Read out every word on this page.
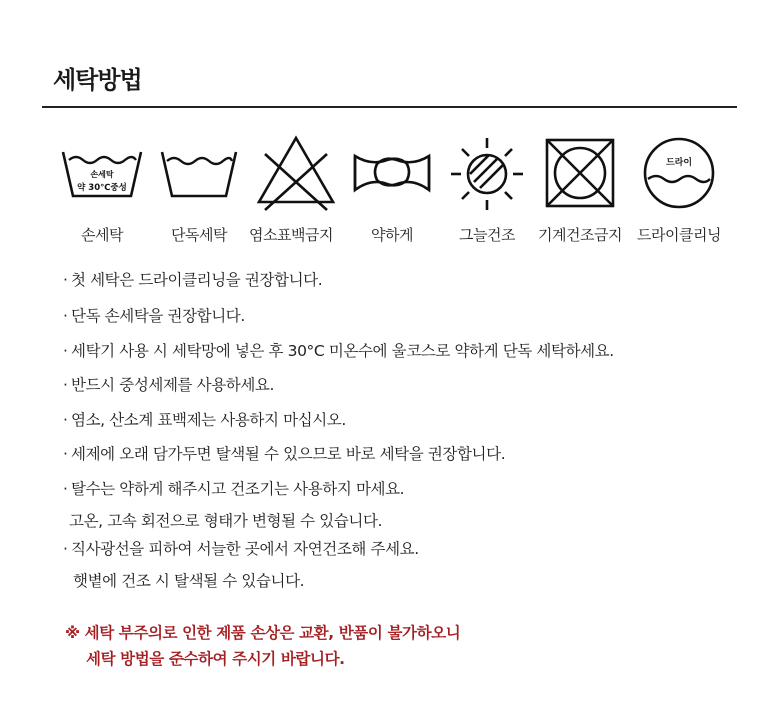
세탁방법
손세탁
약 30℃중성
손세탁	단독세탁	염소표백금지	약하게	그늘건조	기계건조금지
드라이
드라이클리닝
· 첫 세탁은 드라이클리닝을 권장합니다.
· 단독 손세탁을 권장합니다.
· 세탁기 사용 시 세탁망에 넣은 후 30°C 미온수에 울코스로 약하게 단독 세탁하세요.
· 반드시 중성세제를 사용하세요.
· 염소, 산소계 표백제는 사용하지 마십시오.
· 세제에 오래 담가두면 탈색될 수 있으므로 바로 세탁을 권장합니다.
· 탈수는 약하게 해주시고 건조기는 사용하지 마세요.
고온, 고속 회전으로 형태가 변형될 수 있습니다.
· 직사광선을 피하여 서늘한 곳에서 자연건조해 주세요.
햇볕에 건조 시 탈색될 수 있습니다.
※ 세탁 부주의로 인한 제품 손상은 교환, 반품이 불가하오니
세탁 방법을 준수하여 주시기 바랍니다.
